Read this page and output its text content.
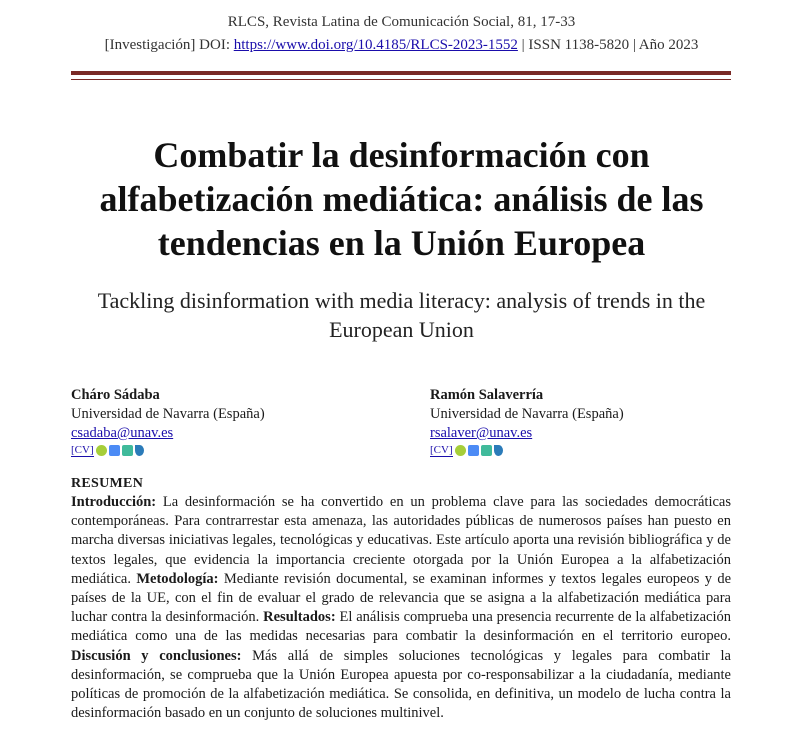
RLCS, Revista Latina de Comunicación Social, 81, 17-33
[Investigación] DOI: https://www.doi.org/10.4185/RLCS-2023-1552 | ISSN 1138-5820 | Año 2023
Combatir la desinformación con alfabetización mediática: análisis de las tendencias en la Unión Europea
Tackling disinformation with media literacy: analysis of trends in the European Union
Cháro Sádaba
Universidad de Navarra (España)
csadaba@unav.es
[CV]
Ramón Salaverría
Universidad de Navarra (España)
rsalaver@unav.es
[CV]
RESUMEN
Introducción: La desinformación se ha convertido en un problema clave para las sociedades democráticas contemporáneas. Para contrarrestar esta amenaza, las autoridades públicas de numerosos países han puesto en marcha diversas iniciativas legales, tecnológicas y educativas. Este artículo aporta una revisión bibliográfica y de textos legales, que evidencia la importancia creciente otorgada por la Unión Europea a la alfabetización mediática. Metodología: Mediante revisión documental, se examinan informes y textos legales europeos y de países de la UE, con el fin de evaluar el grado de relevancia que se asigna a la alfabetización mediática para luchar contra la desinformación. Resultados: El análisis comprueba una presencia recurrente de la alfabetización mediática como una de las medidas necesarias para combatir la desinformación en el territorio europeo. Discusión y conclusiones: Más allá de simples soluciones tecnológicas y legales para combatir la desinformación, se comprueba que la Unión Europea apuesta por co-responsabilizar a la ciudadanía, mediante políticas de promoción de la alfabetización mediática. Se consolida, en definitiva, un modelo de lucha contra la desinformación basado en un conjunto de soluciones multinivel.
